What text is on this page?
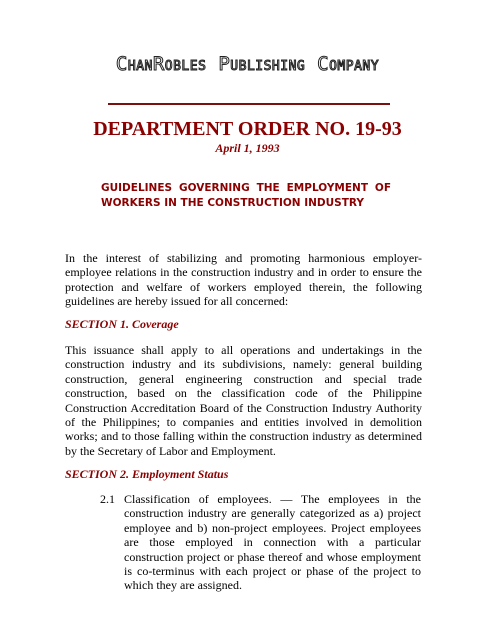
ChanRobles Publishing Company
DEPARTMENT ORDER NO. 19-93
April 1, 1993
GUIDELINES GOVERNING THE EMPLOYMENT OF WORKERS IN THE CONSTRUCTION INDUSTRY
In the interest of stabilizing and promoting harmonious employer-employee relations in the construction industry and in order to ensure the protection and welfare of workers employed therein, the following guidelines are hereby issued for all concerned:
SECTION 1. Coverage
This issuance shall apply to all operations and undertakings in the construction industry and its subdivisions, namely: general building construction, general engineering construction and special trade construction, based on the classification code of the Philippine Construction Accreditation Board of the Construction Industry Authority of the Philippines; to companies and entities involved in demolition works; and to those falling within the construction industry as determined by the Secretary of Labor and Employment.
SECTION 2. Employment Status
2.1 Classification of employees. — The employees in the construction industry are generally categorized as a) project employee and b) non-project employees. Project employees are those employed in connection with a particular construction project or phase thereof and whose employment is co-terminus with each project or phase of the project to which they are assigned.
